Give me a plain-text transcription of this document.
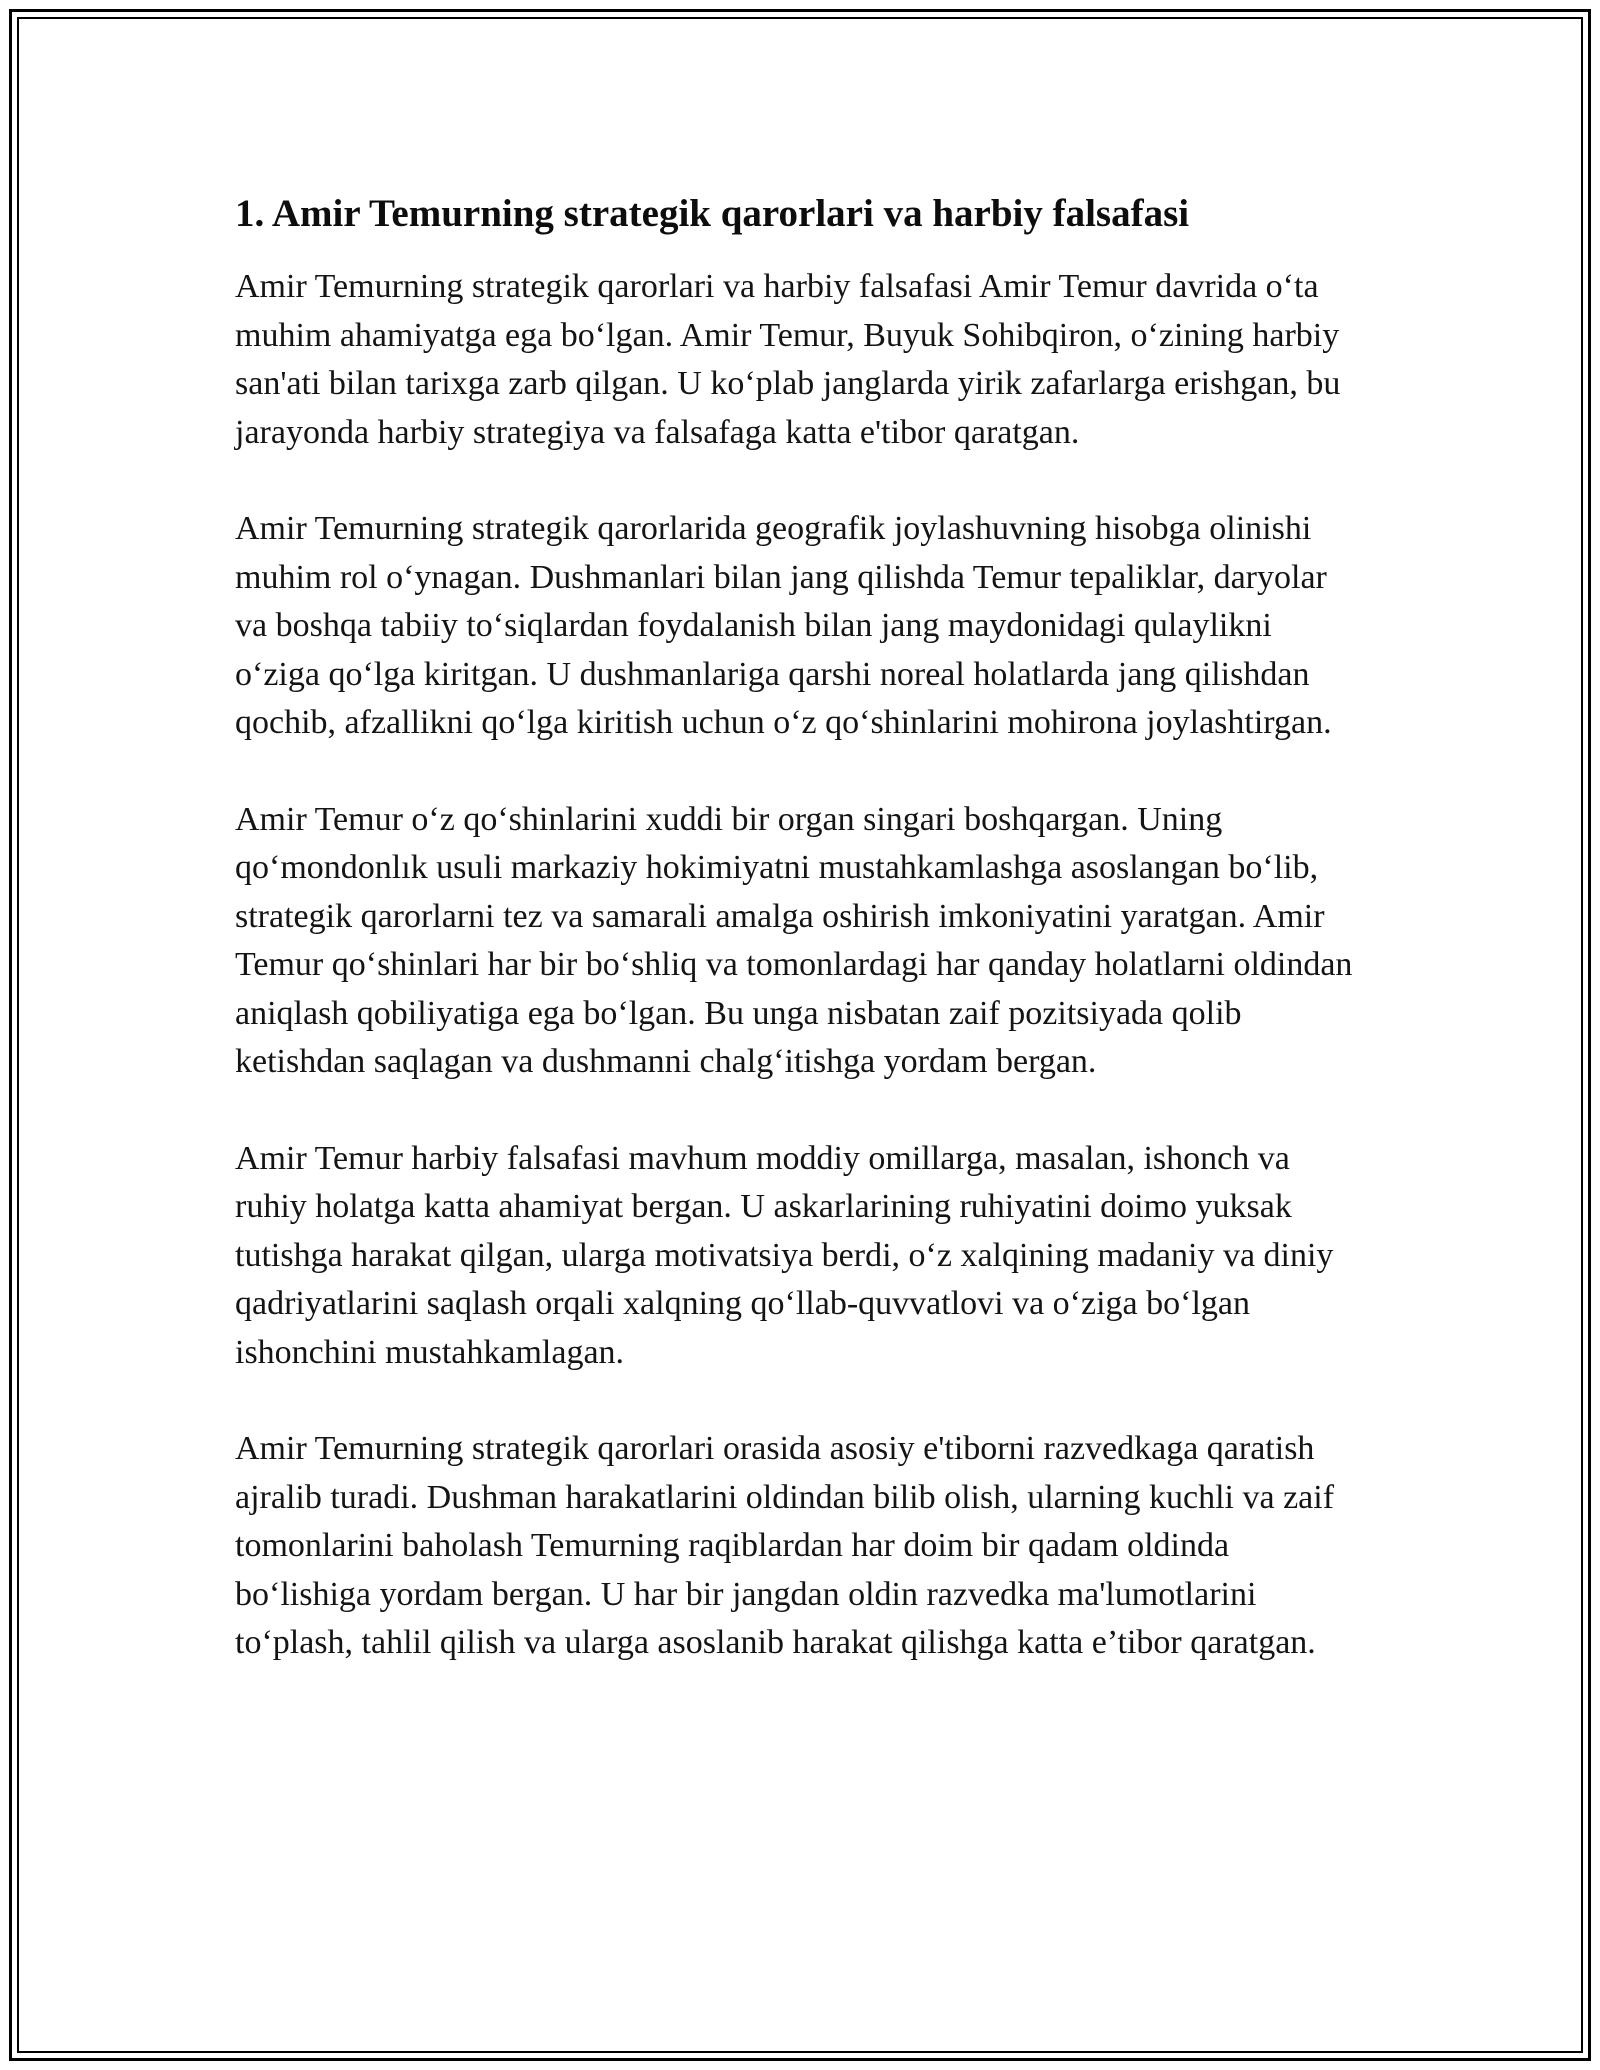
1. Amir Temurning strategik qarorlari va harbiy falsafasi

Amir Temurning strategik qarorlari va harbiy falsafasi Amir Temur davrida o‘ta muhim ahamiyatga ega bo‘lgan. Amir Temur, Buyuk Sohibqiron, o‘zining harbiy san'ati bilan tarixga zarb qilgan. U ko‘plab janglarda yirik zafarlarga erishgan, bu jarayonda harbiy strategiya va falsafaga katta e'tibor qaratgan.

Amir Temurning strategik qarorlarida geografik joylashuvning hisobga olinishi muhim rol o‘ynagan. Dushmanlari bilan jang qilishda Temur tepaliklar, daryolar va boshqa tabiiy to‘siqlardan foydalanish bilan jang maydonidagi qulaylikni o‘ziga qo‘lga kiritgan. U dushmanlariga qarshi noreal holatlarda jang qilishdan qochib, afzallikni qo‘lga kiritish uchun o‘z qo‘shinlarini mohirona joylashtirgan.

Amir Temur o‘z qo‘shinlarini xuddi bir organ singari boshqargan. Uning qo‘mondonlık usuli markaziy hokimiyatni mustahkamlashga asoslangan bo‘lib, strategik qarorlarni tez va samarali amalga oshirish imkoniyatini yaratgan. Amir Temur qo‘shinlari har bir bo‘shliq va tomonlardagi har qanday holatlarni oldindan aniqlash qobiliyatiga ega bo‘lgan. Bu unga nisbatan zaif pozitsiyada qolib ketishdan saqlagan va dushmanni chalg‘itishga yordam bergan.

Amir Temur harbiy falsafasi mavhum moddiy omillarga, masalan, ishonch va ruhiy holatga katta ahamiyat bergan. U askarlarining ruhiyatini doimo yuksak tutishga harakat qilgan, ularga motivatsiya berdi, o‘z xalqining madaniy va diniy qadriyatlarini saqlash orqali xalqning qo‘llab-quvvatlovi va o‘ziga bo‘lgan ishonchini mustahkamlagan.

Amir Temurning strategik qarorlari orasida asosiy e'tiborni razvedkaga qaratish ajralib turadi. Dushman harakatlarini oldindan bilib olish, ularning kuchli va zaif tomonlarini baholash Temurning raqiblardan har doim bir qadam oldinda bo‘lishiga yordam bergan. U har bir jangdan oldin razvedka ma'lumotlarini to‘plash, tahlil qilish va ularga asoslanib harakat qilishga katta e’tibor qaratgan.
